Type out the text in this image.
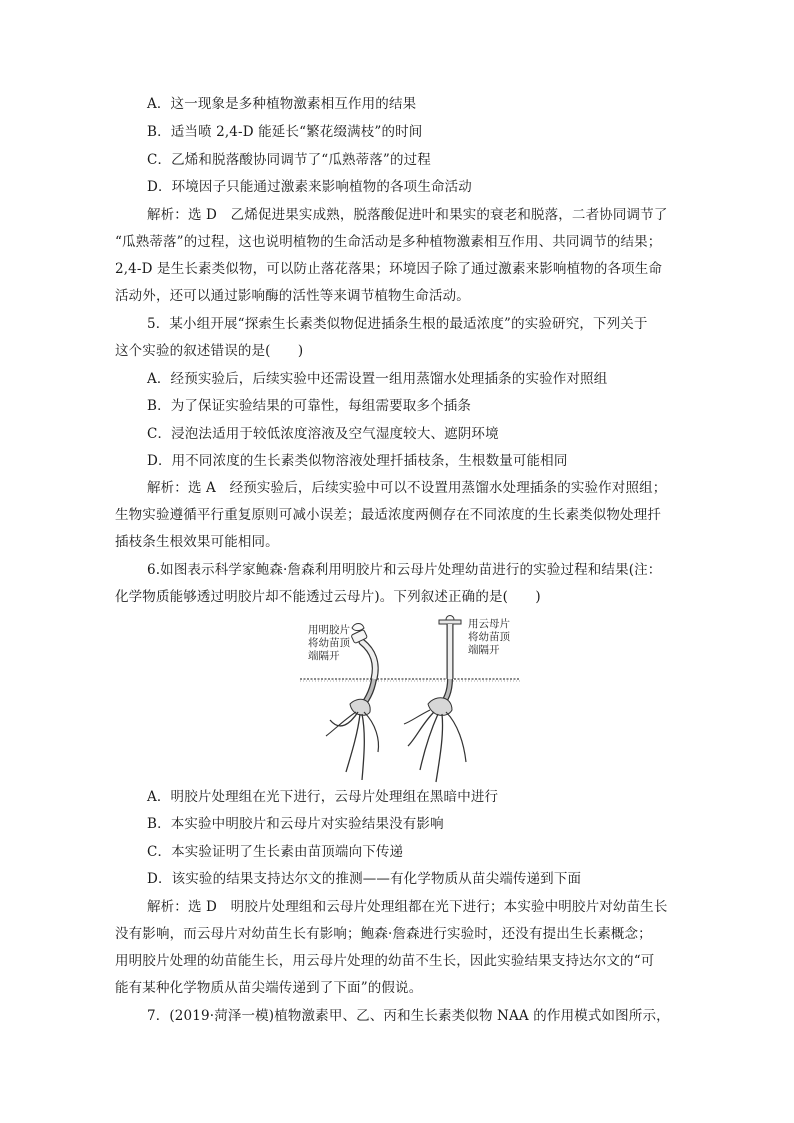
A．这一现象是多种植物激素相互作用的结果
B．适当喷 2,4-D 能延长“繁花缀满枝”的时间
C．乙烯和脱落酸协同调节了“瓜熟蒂落”的过程
D．环境因子只能通过激素来影响植物的各项生命活动
解析：选 D　乙烯促进果实成熟，脱落酸促进叶和果实的衰老和脱落，二者协同调节了
“瓜熟蒂落”的过程，这也说明植物的生命活动是多种植物激素相互作用、共同调节的结果；
2,4-D 是生长素类似物，可以防止落花落果；环境因子除了通过激素来影响植物的各项生命
活动外，还可以通过影响酶的活性等来调节植物生命活动。
5．某小组开展“探索生长素类似物促进插条生根的最适浓度”的实验研究，下列关于
这个实验的叙述错误的是(　　)
A．经预实验后，后续实验中还需设置一组用蒸馏水处理插条的实验作对照组
B．为了保证实验结果的可靠性，每组需要取多个插条
C．浸泡法适用于较低浓度溶液及空气湿度较大、遮阴环境
D．用不同浓度的生长素类似物溶液处理扦插枝条，生根数量可能相同
解析：选 A　经预实验后，后续实验中可以不设置用蒸馏水处理插条的实验作对照组；
生物实验遵循平行重复原则可减小误差；最适浓度两侧存在不同浓度的生长素类似物处理扦
插枝条生根效果可能相同。
6.如图表示科学家鲍森·詹森利用明胶片和云母片处理幼苗进行的实验过程和结果(注：
化学物质能够透过明胶片却不能透过云母片)。下列叙述正确的是(　　)
用明胶片
将幼苗顶
端隔开
用云母片
将幼苗顶
端隔开
A．明胶片处理组在光下进行，云母片处理组在黑暗中进行
B．本实验中明胶片和云母片对实验结果没有影响
C．本实验证明了生长素由苗顶端向下传递
D．该实验的结果支持达尔文的推测——有化学物质从苗尖端传递到下面
解析：选 D　明胶片处理组和云母片处理组都在光下进行；本实验中明胶片对幼苗生长
没有影响，而云母片对幼苗生长有影响；鲍森·詹森进行实验时，还没有提出生长素概念；
用明胶片处理的幼苗能生长，用云母片处理的幼苗不生长，因此实验结果支持达尔文的“可
能有某种化学物质从苗尖端传递到了下面”的假说。
7．(2019·菏泽一模)植物激素甲、乙、丙和生长素类似物 NAA 的作用模式如图所示，
